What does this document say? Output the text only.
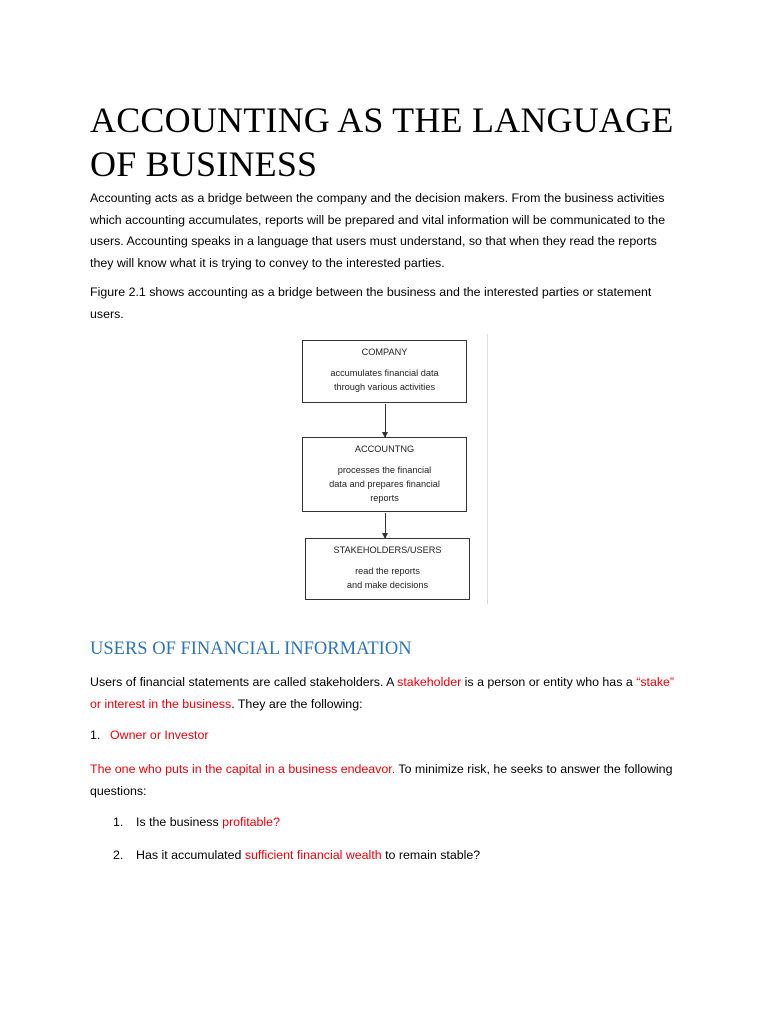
ACCOUNTING AS THE LANGUAGE OF BUSINESS

Accounting acts as a bridge between the company and the decision makers. From the business activities which accounting accumulates, reports will be prepared and vital information will be communicated to the users. Accounting speaks in a language that users must understand, so that when they read the reports they will know what it is trying to convey to the interested parties.

Figure 2.1 shows accounting as a bridge between the business and the interested parties or statement users.

COMPANY
accumulates financial data
through various activities
ACCOUNTNG
processes the financial
data and prepares financial
reports
STAKEHOLDERS/USERS
read the reports
and make decisions
USERS OF FINANCIAL INFORMATION

Users of financial statements are called stakeholders. A stakeholder is a person or entity who has a “stake” or interest in the business. They are the following:

1. Owner or Investor

The one who puts in the capital in a business endeavor. To minimize risk, he seeks to answer the following questions:

1. Is the business profitable?
2. Has it accumulated sufficient financial wealth to remain stable?
